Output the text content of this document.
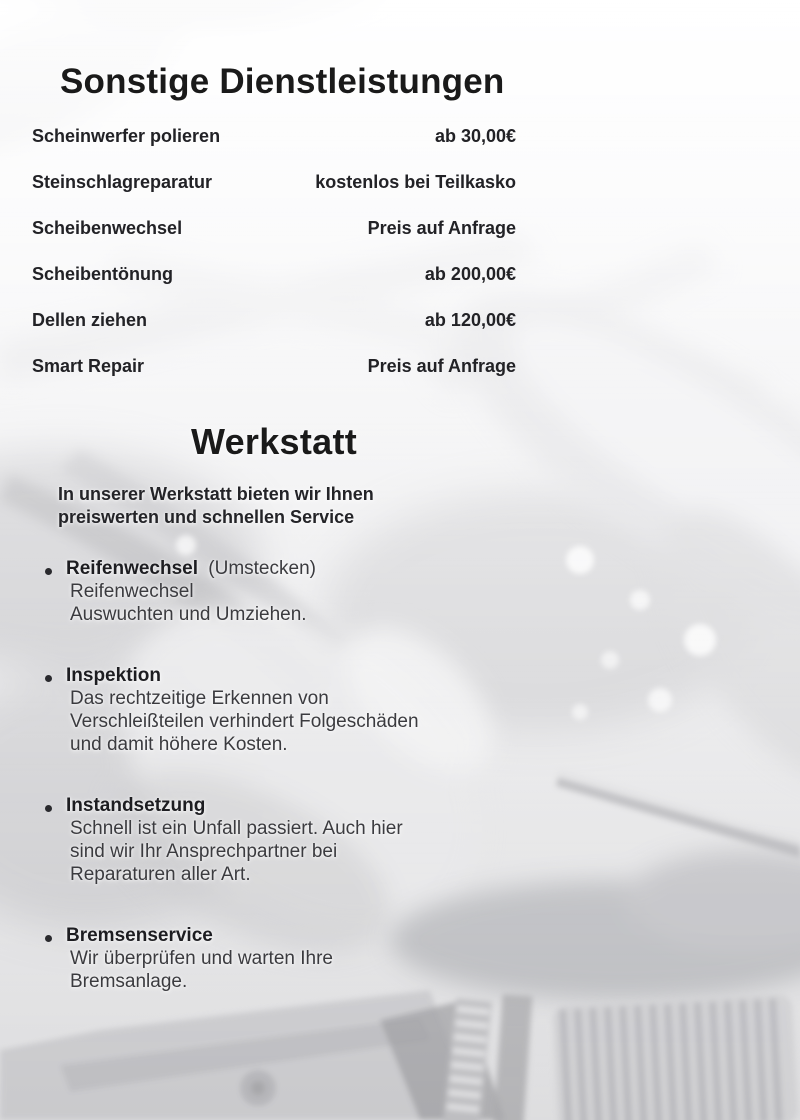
Sonstige Dienstleistungen
Scheinwerfer polieren	ab 30,00€
Steinschlagreparatur	kostenlos bei Teilkasko
Scheibenwechsel	Preis auf Anfrage
Scheibentönung	ab 200,00€
Dellen ziehen	ab 120,00€
Smart Repair	Preis auf Anfrage
Werkstatt
In unserer Werkstatt bieten wir Ihnen
preiswerten und schnellen Service
Reifenwechsel (Umstecken)
Reifenwechsel
Auswuchten und Umziehen.
Inspektion
Das rechtzeitige Erkennen von
Verschleißteilen verhindert Folgeschäden
und damit höhere Kosten.
Instandsetzung
Schnell ist ein Unfall passiert. Auch hier
sind wir Ihr Ansprechpartner bei
Reparaturen aller Art.
Bremsenservice
Wir überprüfen und warten Ihre
Bremsanlage.
